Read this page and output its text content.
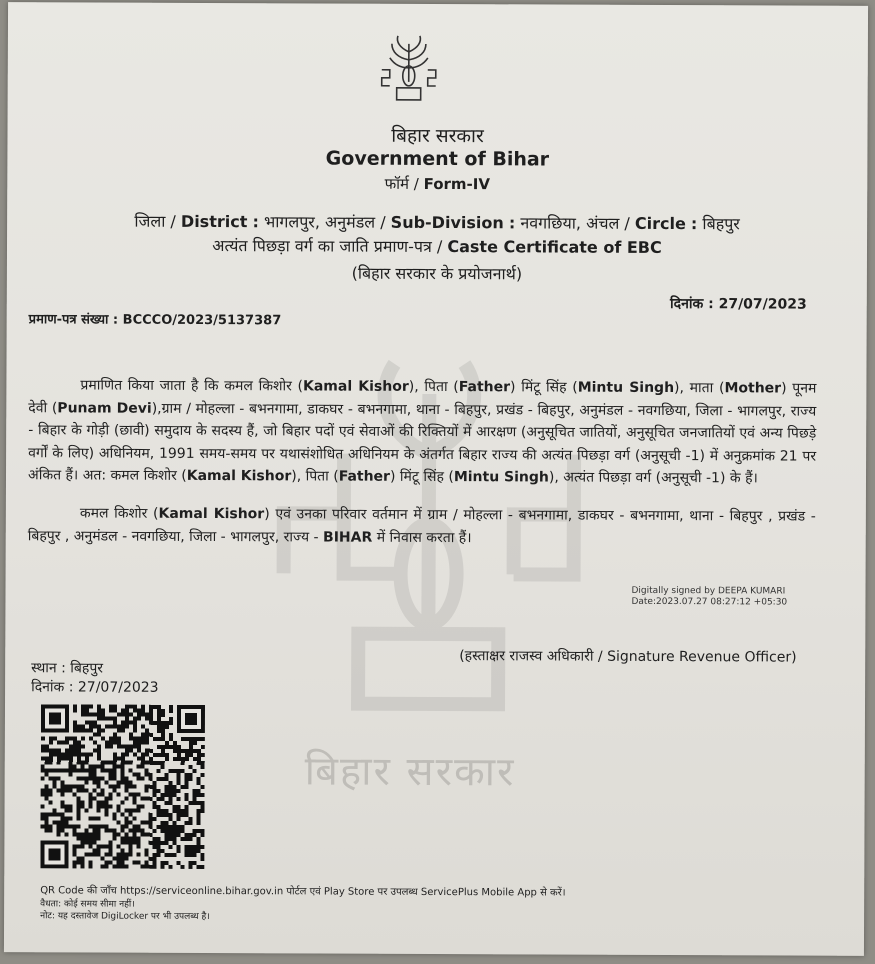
बिहार सरकार
बिहार सरकार
Government of Bihar
फॉर्म / Form-IV
जिला / District : भागलपुर, अनुमंडल / Sub-Division : नवगछिया, अंचल / Circle : बिहपुर
अत्यंत पिछड़ा वर्ग का जाति प्रमाण-पत्र / Caste Certificate of EBC
(बिहार सरकार के प्रयोजनार्थ)
दिनांक : 27/07/2023
प्रमाण-पत्र संख्या : BCCCO/2023/5137387
प्रमाणित किया जाता है कि कमल किशोर (Kamal Kishor), पिता (Father) मिंटू सिंह (Mintu Singh), माता (Mother) पूनम देवी (Punam Devi),ग्राम / मोहल्ला - बभनगामा, डाकघर - बभनगामा, थाना - बिहपुर, प्रखंड - बिहपुर, अनुमंडल - नवगछिया, जिला - भागलपुर, राज्य - बिहार के गोड़ी (छावी) समुदाय के सदस्य हैं, जो बिहार पदों एवं सेवाओं की रिक्तियों में आरक्षण (अनुसूचित जातियों, अनुसूचित जनजातियों एवं अन्य पिछड़े वर्गों के लिए) अधिनियम, 1991 समय-समय पर यथासंशोधित अधिनियम के अंतर्गत बिहार राज्य की अत्यंत पिछड़ा वर्ग (अनुसूची -1) में अनुक्रमांक 21 पर अंकित हैं। अत: कमल किशोर (Kamal Kishor), पिता (Father) मिंटू सिंह (Mintu Singh), अत्यंत पिछड़ा वर्ग (अनुसूची -1) के हैं।
कमल किशोर (Kamal Kishor) एवं उनका परिवार वर्तमान में ग्राम / मोहल्ला - बभनगामा, डाकघर - बभनगामा, थाना - बिहपुर , प्रखंड - बिहपुर , अनुमंडल - नवगछिया, जिला - भागलपुर, राज्य - BIHAR में निवास करता हैं।
Digitally signed by DEEPA KUMARI
Date:2023.07.27 08:27:12 +05:30
(हस्ताक्षर राजस्व अधिकारी / Signature Revenue Officer)
स्थान : बिहपुर
दिनांक : 27/07/2023
QR Code की जाँच https://serviceonline.bihar.gov.in पोर्टल एवं Play Store पर उपलब्ध ServicePlus Mobile App से करें।
वैधता: कोई समय सीमा नहीं।
नोट: यह दस्तावेज DigiLocker पर भी उपलब्ध है।
